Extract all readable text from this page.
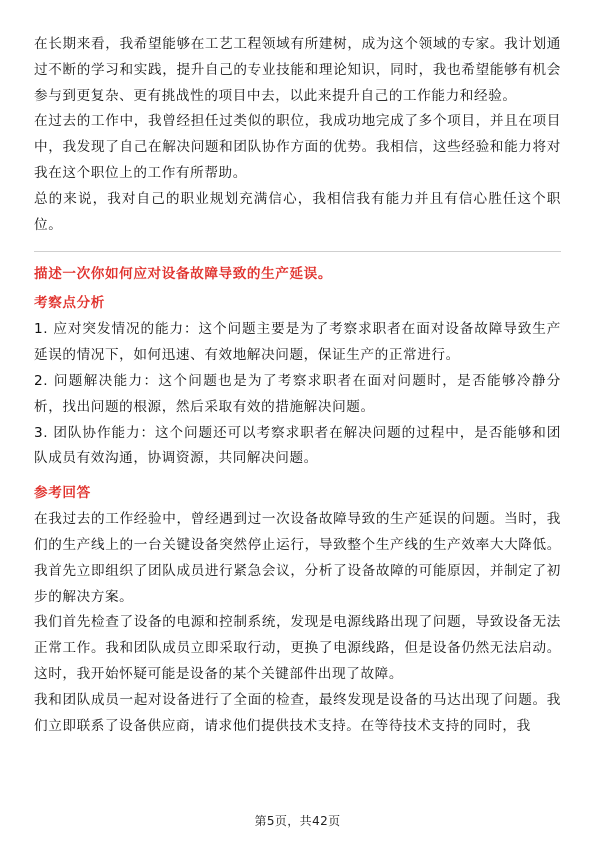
在长期来看，我希望能够在工艺工程领域有所建树，成为这个领域的专家。我计划通过不断的学习和实践，提升自己的专业技能和理论知识，同时，我也希望能够有机会参与到更复杂、更有挑战性的项目中去，以此来提升自己的工作能力和经验。

在过去的工作中，我曾经担任过类似的职位，我成功地完成了多个项目，并且在项目中，我发现了自己在解决问题和团队协作方面的优势。我相信，这些经验和能力将对我在这个职位上的工作有所帮助。

总的来说，我对自己的职业规划充满信心，我相信我有能力并且有信心胜任这个职位。

描述一次你如何应对设备故障导致的生产延误。
考察点分析

1. 应对突发情况的能力：这个问题主要是为了考察求职者在面对设备故障导致生产延误的情况下，如何迅速、有效地解决问题，保证生产的正常进行。

2. 问题解决能力：这个问题也是为了考察求职者在面对问题时，是否能够冷静分析，找出问题的根源，然后采取有效的措施解决问题。

3. 团队协作能力：这个问题还可以考察求职者在解决问题的过程中，是否能够和团队成员有效沟通，协调资源，共同解决问题。

参考回答

在我过去的工作经验中，曾经遇到过一次设备故障导致的生产延误的问题。当时，我们的生产线上的一台关键设备突然停止运行，导致整个生产线的生产效率大大降低。我首先立即组织了团队成员进行紧急会议，分析了设备故障的可能原因，并制定了初步的解决方案。

我们首先检查了设备的电源和控制系统，发现是电源线路出现了问题，导致设备无法正常工作。我和团队成员立即采取行动，更换了电源线路，但是设备仍然无法启动。这时，我开始怀疑可能是设备的某个关键部件出现了故障。

我和团队成员一起对设备进行了全面的检查，最终发现是设备的马达出现了问题。我们立即联系了设备供应商，请求他们提供技术支持。在等待技术支持的同时，我

第5页，共42页
